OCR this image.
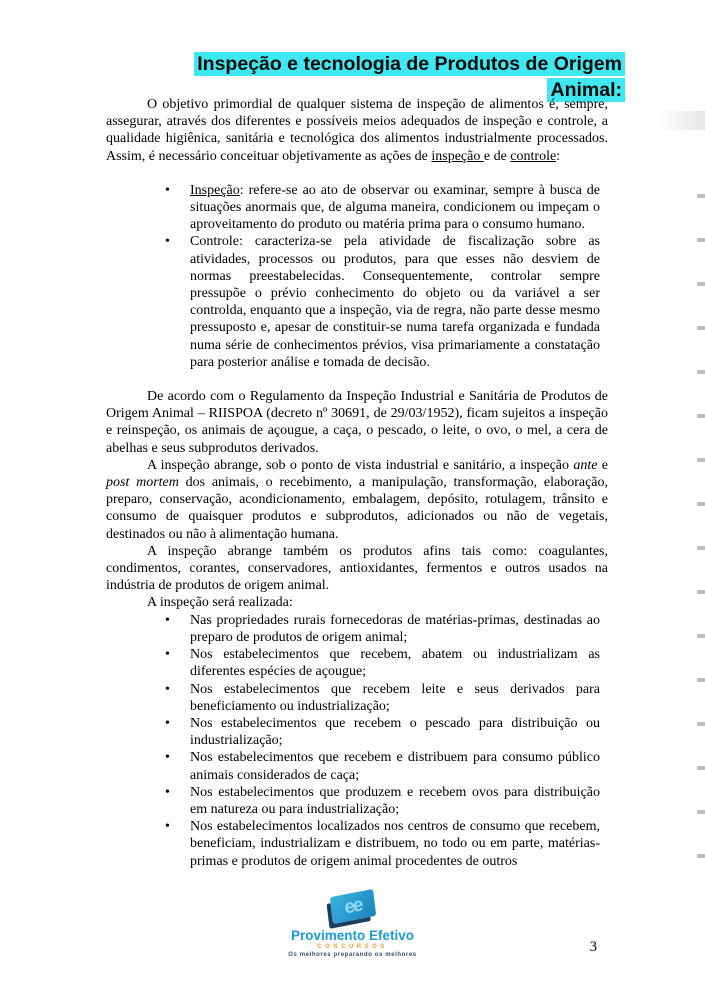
Inspeção e tecnologia de Produtos de Origem
Animal:

O objetivo primordial de qualquer sistema de inspeção de alimentos é, sempre, assegurar, através dos diferentes e possíveis meios adequados de inspeção e controle, a qualidade higiênica, sanitária e tecnológica dos alimentos industrialmente processados. Assim, é necessário conceituar objetivamente as ações de inspeção e de controle:

• Inspeção: refere-se ao ato de observar ou examinar, sempre à busca de situações anormais que, de alguma maneira, condicionem ou impeçam o aproveitamento do produto ou matéria prima para o consumo humano.
• Controle: caracteriza-se pela atividade de fiscalização sobre as atividades, processos ou produtos, para que esses não desviem de normas preestabelecidas. Consequentemente, controlar sempre pressupõe o prévio conhecimento do objeto ou da variável a ser controlda, enquanto que a inspeção, via de regra, não parte desse mesmo pressuposto e, apesar de constituir-se numa tarefa organizada e fundada numa série de conhecimentos prévios, visa primariamente a constatação para posterior análise e tomada de decisão.

De acordo com o Regulamento da Inspeção Industrial e Sanitária de Produtos de Origem Animal – RIISPOA (decreto nº 30691, de 29/03/1952), ficam sujeitos a inspeção e reinspeção, os animais de açougue, a caça, o pescado, o leite, o ovo, o mel, a cera de abelhas e seus subprodutos derivados.

A inspeção abrange, sob o ponto de vista industrial e sanitário, a inspeção ante e post mortem dos animais, o recebimento, a manipulação, transformação, elaboração, preparo, conservação, acondicionamento, embalagem, depósito, rotulagem, trânsito e consumo de quaisquer produtos e subprodutos, adicionados ou não de vegetais, destinados ou não à alimentação humana.

A inspeção abrange também os produtos afins tais como: coagulantes, condimentos, corantes, conservadores, antioxidantes, fermentos e outros usados na indústria de produtos de origem animal.

A inspeção será realizada:

• Nas propriedades rurais fornecedoras de matérias-primas, destinadas ao preparo de produtos de origem animal;
• Nos estabelecimentos que recebem, abatem ou industrializam as diferentes espécies de açougue;
• Nos estabelecimentos que recebem leite e seus derivados para beneficiamento ou industrialização;
• Nos estabelecimentos que recebem o pescado para distribuição ou industrialização;
• Nos estabelecimentos que recebem e distribuem para consumo público animais considerados de caça;
• Nos estabelecimentos que produzem e recebem ovos para distribuição em natureza ou para industrialização;
• Nos estabelecimentos localizados nos centros de consumo que recebem, beneficiam, industrializam e distribuem, no todo ou em parte, matérias-primas e produtos de origem animal procedentes de outros
ee
Provimento Efetivo
CONCURSOS
Os melhores preparando os melhores	3
